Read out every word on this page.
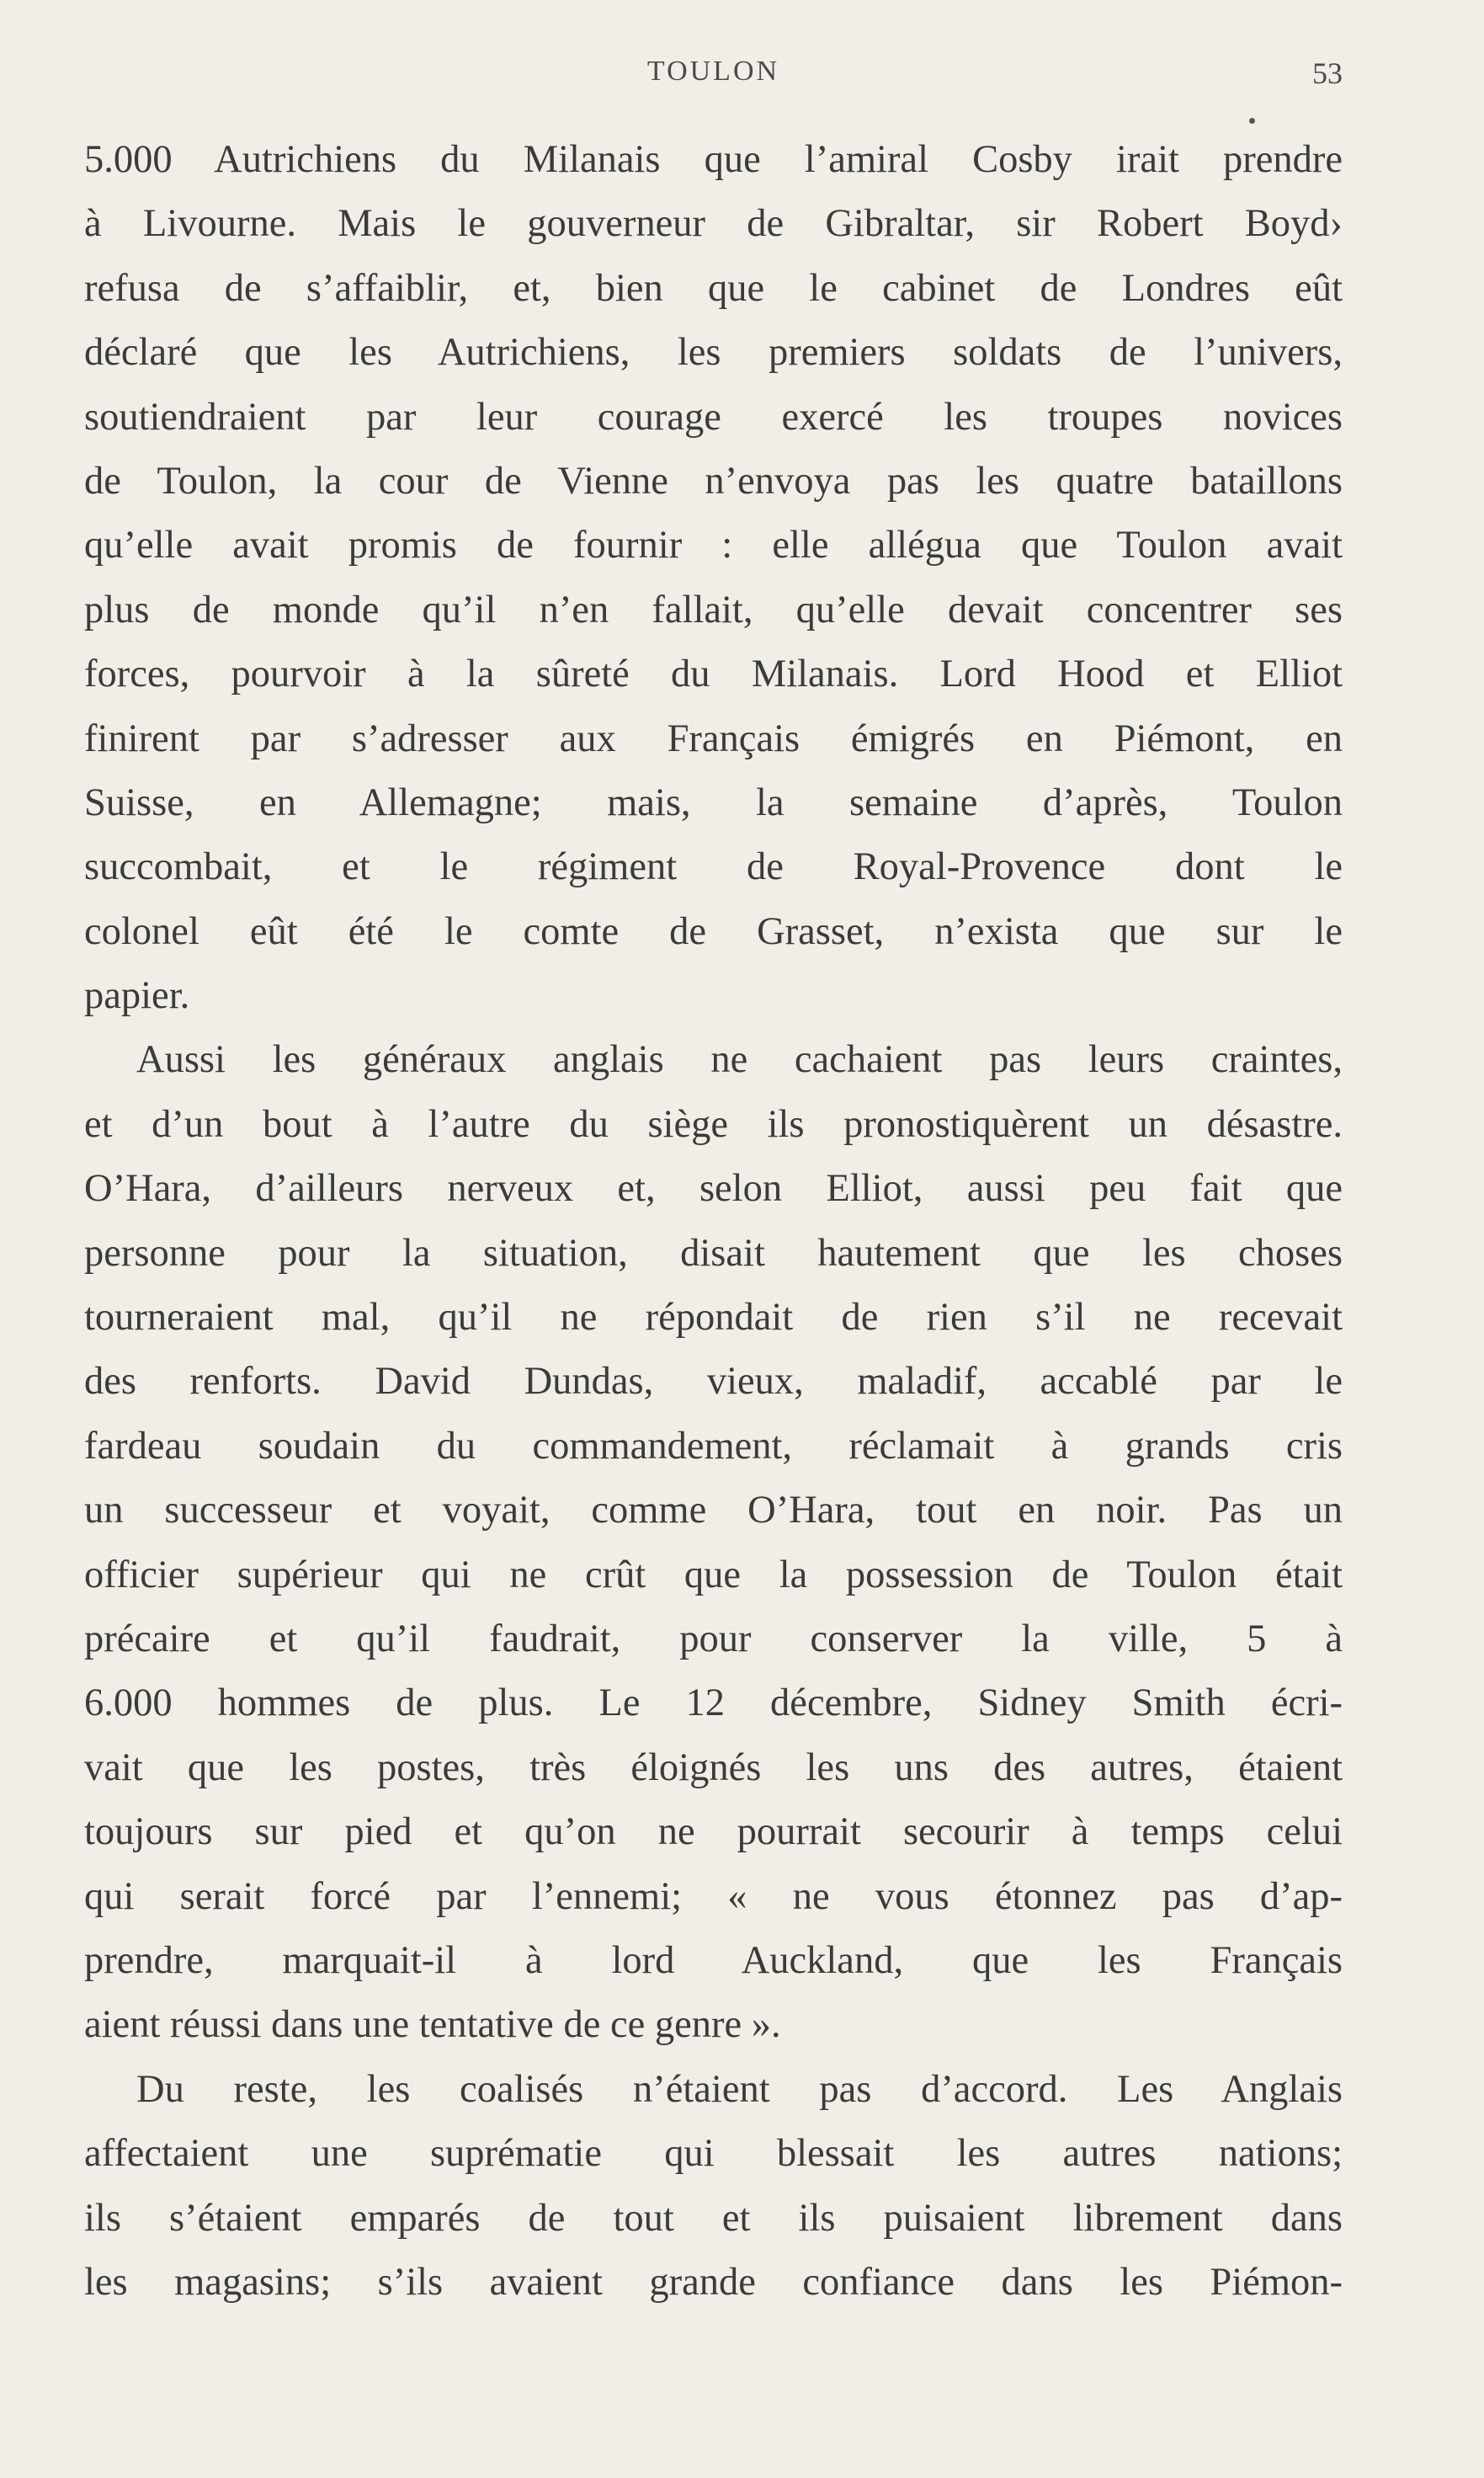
TOULON	53
5.000 Autrichiens du Milanais que l’amiral Cosby irait prendre
à Livourne. Mais le gouverneur de Gibraltar, sir Robert Boyd›
refusa de s’affaiblir, et, bien que le cabinet de Londres eût
déclaré que les Autrichiens, les premiers soldats de l’univers,
soutiendraient par leur courage exercé les troupes novices
de Toulon, la cour de Vienne n’envoya pas les quatre bataillons
qu’elle avait promis de fournir : elle allégua que Toulon avait
plus de monde qu’il n’en fallait, qu’elle devait concentrer ses
forces, pourvoir à la sûreté du Milanais. Lord Hood et Elliot
finirent par s’adresser aux Français émigrés en Piémont, en
Suisse, en Allemagne; mais, la semaine d’après, Toulon
succombait, et le régiment de Royal-Provence dont le
colonel eût été le comte de Grasset, n’exista que sur le
papier.
Aussi les généraux anglais ne cachaient pas leurs craintes,
et d’un bout à l’autre du siège ils pronostiquèrent un désastre.
O’Hara, d’ailleurs nerveux et, selon Elliot, aussi peu fait que
personne pour la situation, disait hautement que les choses
tourneraient mal, qu’il ne répondait de rien s’il ne recevait
des renforts. David Dundas, vieux, maladif, accablé par le
fardeau soudain du commandement, réclamait à grands cris
un successeur et voyait, comme O’Hara, tout en noir. Pas un
officier supérieur qui ne crût que la possession de Toulon était
précaire et qu’il faudrait, pour conserver la ville, 5 à
6.000 hommes de plus. Le 12 décembre, Sidney Smith écri-
vait que les postes, très éloignés les uns des autres, étaient
toujours sur pied et qu’on ne pourrait secourir à temps celui
qui serait forcé par l’ennemi; « ne vous étonnez pas d’ap-
prendre, marquait-il à lord Auckland, que les Français
aient réussi dans une tentative de ce genre ».
Du reste, les coalisés n’étaient pas d’accord. Les Anglais
affectaient une suprématie qui blessait les autres nations;
ils s’étaient emparés de tout et ils puisaient librement dans
les magasins; s’ils avaient grande confiance dans les Piémon-
